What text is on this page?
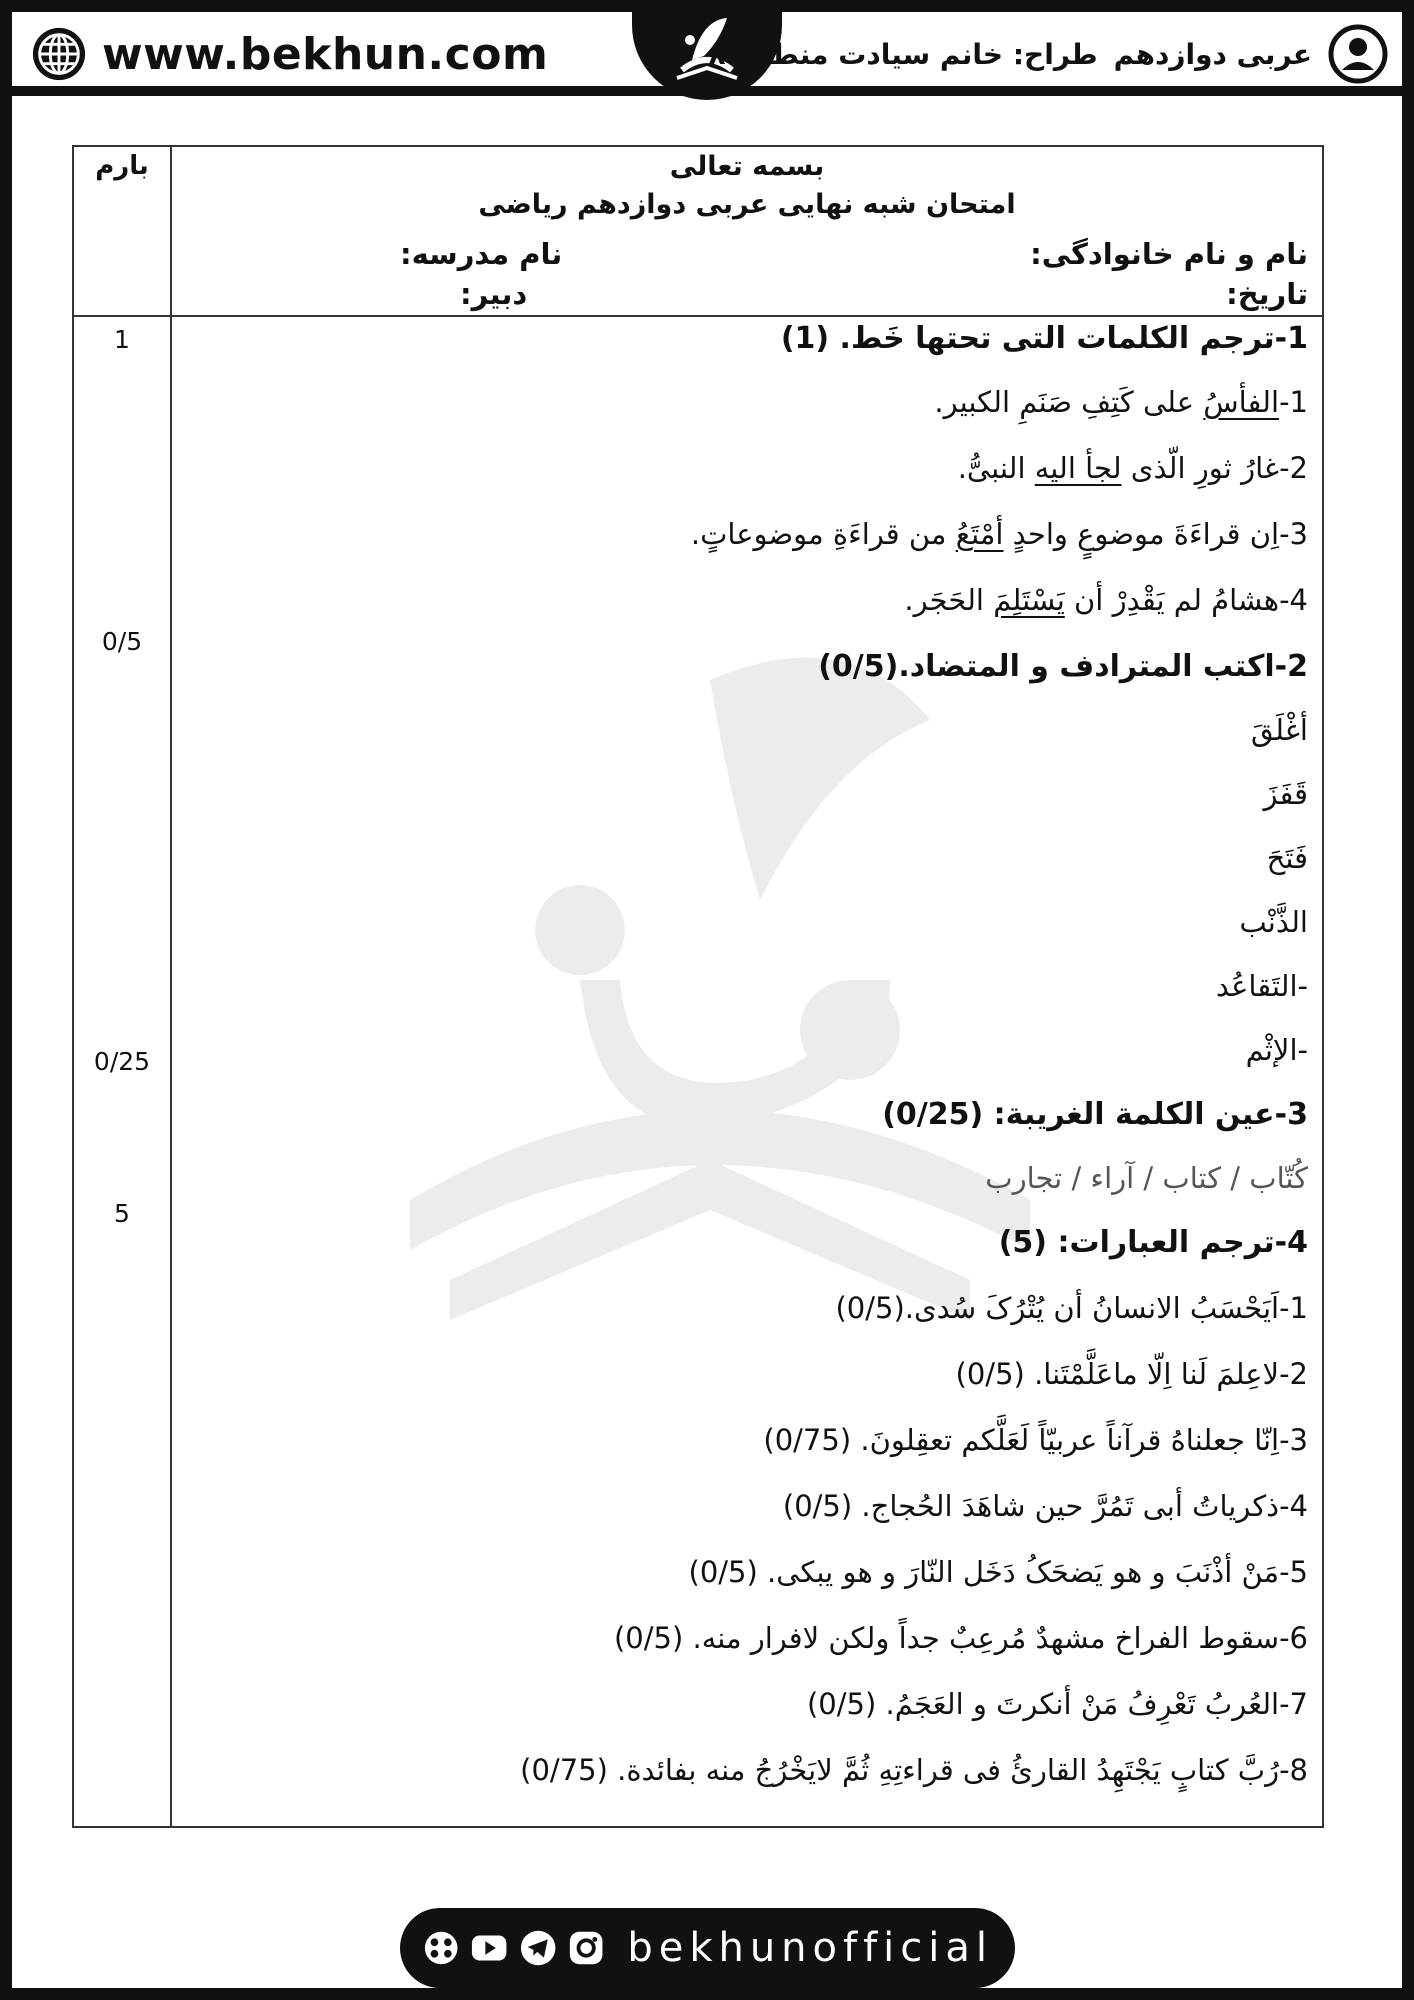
www.bekhun.com	عربی دوازدهم
طراح: خانم سیادت منطقه ۸
بارم	بسمه تعالی
امتحان شبه نهایی عربی دوازدهم ریاضی
نام و نام خانوادگی:
نام مدرسه:
تاریخ:
دبیر:
1
0/5
0/25
5
1-ترجم الکلمات التی تحتها خَط. (1)
1-الفأسُ علی کَتِفِ صَنَمِ الکبیر.
2-غارُ ثورِ الّذی لجأ الیه النبیُّ.
3-اِن قراءَةَ موضوعٍ واحدٍ أمْتَعُ من قراءَةِ موضوعاتٍ.
4-هشامُ لم یَقْدِرْ أن یَسْتَلِمَ الحَجَر.
2-اکتب المترادف و المتضاد.(0/5)
أغْلَقَ
قَفَزَ
فَتَحَ
الذَّنْب
-التَقاعُد
-الإثْم
3-عین الکلمة الغریبة: (0/25)
کُتّاب / کتاب / آراء / تجارب
4-ترجم العبارات: (5)
1-اَیَحْسَبُ الانسانُ أن یُتْرُکَ سُدی.(0/5)
2-لاعِلمَ لَنا اِلّا ماعَلَّمْتَنا. (0/5)
3-اِنّا جعلناهُ قرآناً عربیّاً لَعَلَّکم تعقِلونَ. (0/75)
4-ذکریاتُ أبی تَمُرَّ حین شاهَدَ الحُجاج. (0/5)
5-مَنْ أذْنَبَ و هو یَضحَکُ دَخَل النّارَ و هو یبکی. (0/5)
6-سقوط الفراخ مشهدٌ مُرعِبٌ جداً ولکن لافرار منه. (0/5)
7-العُربُ تَعْرِفُ مَنْ أنکرتَ و العَجَمُ. (0/5)
8-رُبَّ کتابٍ یَجْتَهِدُ القارئُ فی قراءتِهِ ثُمَّ لایَخْرُجُ منه بفائدة. (0/75)
bekhunofficial
